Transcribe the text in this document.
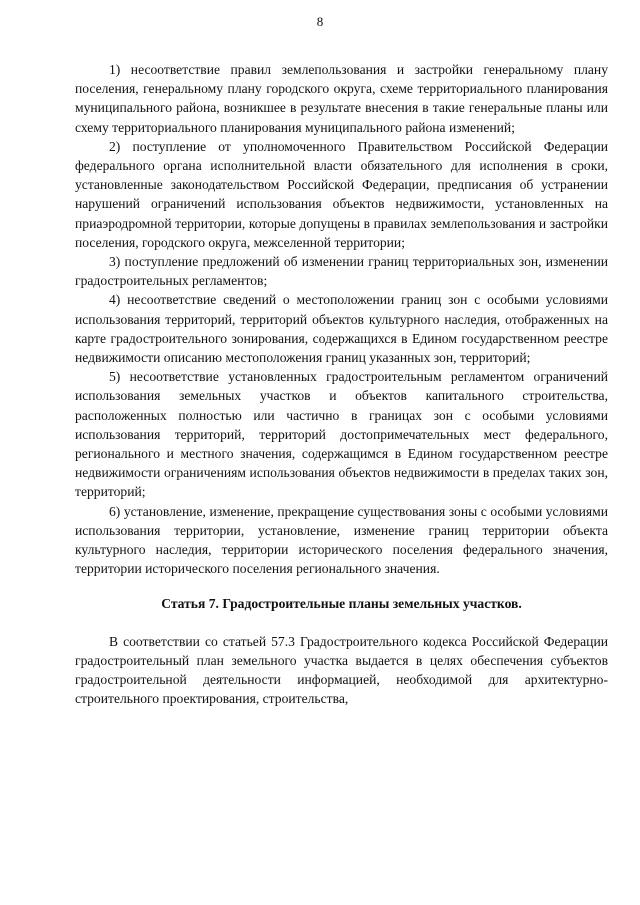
8

1) несоответствие правил землепользования и застройки генеральному плану поселения, генеральному плану городского округа, схеме территориального планирования муниципального района, возникшее в результате внесения в такие генеральные планы или схему территориального планирования муниципального района изменений;

2) поступление от уполномоченного Правительством Российской Федерации федерального органа исполнительной власти обязательного для исполнения в сроки, установленные законодательством Российской Федерации, предписания об устранении нарушений ограничений использования объектов недвижимости, установленных на приаэродромной территории, которые допущены в правилах землепользования и застройки поселения, городского округа, межселенной территории;

3) поступление предложений об изменении границ территориальных зон, изменении градостроительных регламентов;

4) несоответствие сведений о местоположении границ зон с особыми условиями использования территорий, территорий объектов культурного наследия, отображенных на карте градостроительного зонирования, содержащихся в Едином государственном реестре недвижимости описанию местоположения границ указанных зон, территорий;

5) несоответствие установленных градостроительным регламентом ограничений использования земельных участков и объектов капитального строительства, расположенных полностью или частично в границах зон с особыми условиями использования территорий, территорий достопримечательных мест федерального, регионального и местного значения, содержащимся в Едином государственном реестре недвижимости ограничениям использования объектов недвижимости в пределах таких зон, территорий;

6) установление, изменение, прекращение существования зоны с особыми условиями использования территории, установление, изменение границ территории объекта культурного наследия, территории исторического поселения федерального значения, территории исторического поселения регионального значения.

Статья 7. Градостроительные планы земельных участков.

В соответствии со статьей 57.3 Градостроительного кодекса Российской Федерации градостроительный план земельного участка выдается в целях обеспечения субъектов градостроительной деятельности информацией, необходимой для архитектурно-строительного проектирования, строительства,
